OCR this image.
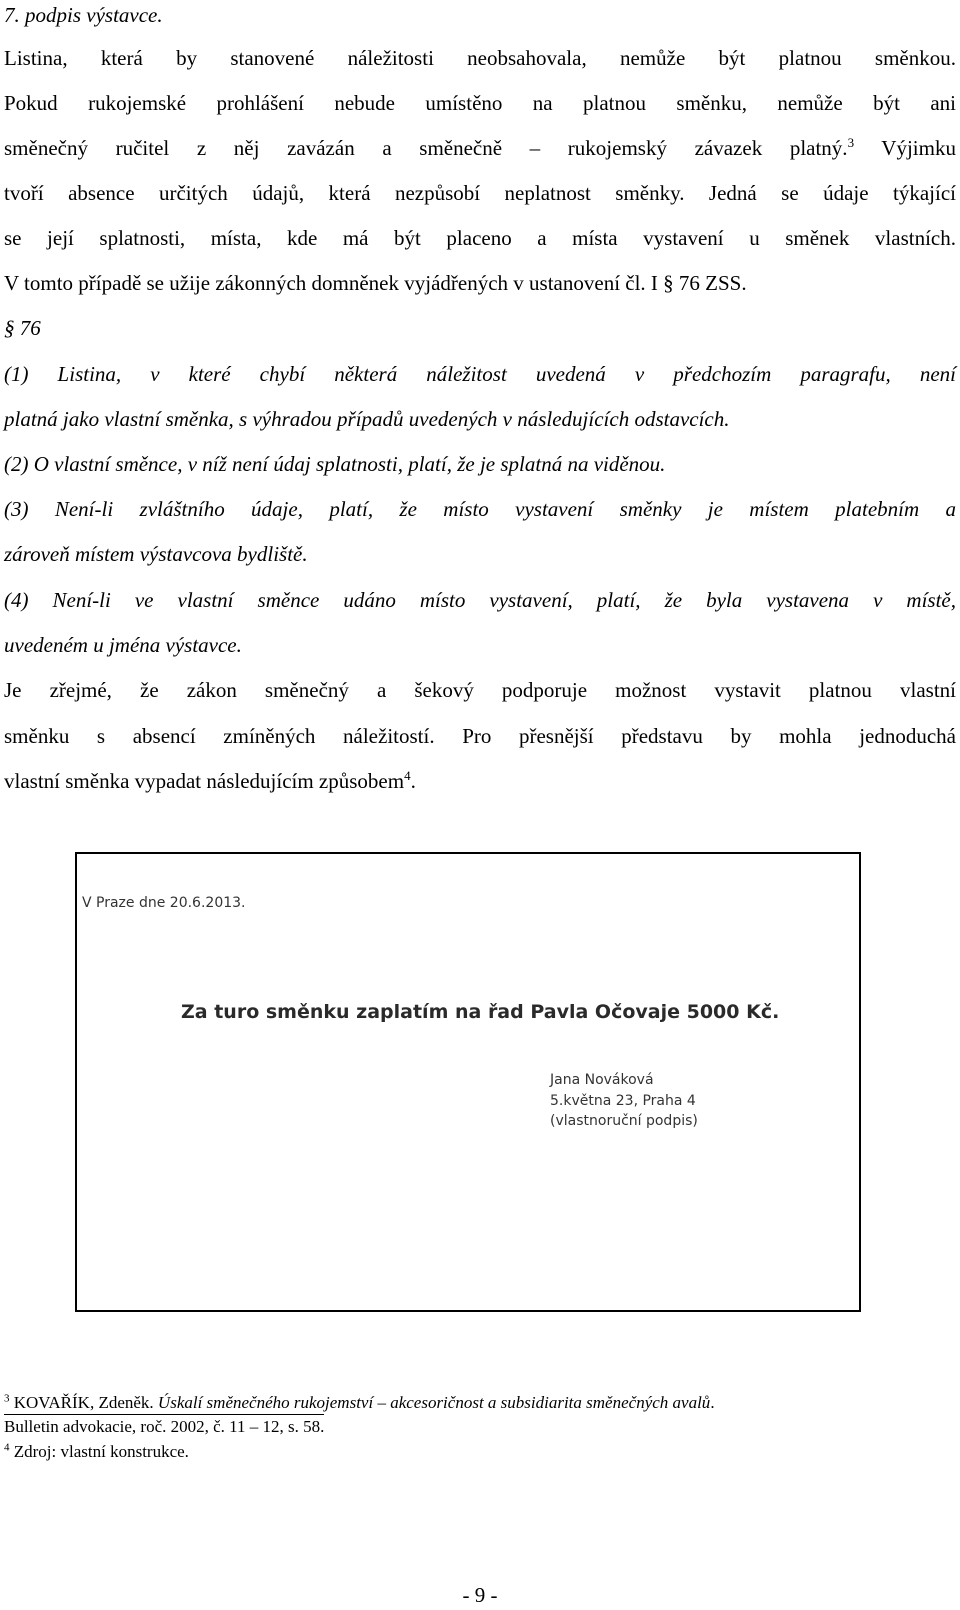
7. podpis výstavce.
Listina, která by stanovené náležitosti neobsahovala, nemůže být platnou směnkou.
Pokud rukojemské prohlášení nebude umístěno na platnou směnku, nemůže být ani
směnečný ručitel z něj zavázán a směnečně – rukojemský závazek platný.$^3$ Výjimku
tvoří absence určitých údajů, která nezpůsobí neplatnost směnky. Jedná se údaje týkající
se její splatnosti, místa, kde má být placeno a místa vystavení u směnek vlastních.
V tomto případě se užije zákonných domněnek vyjádřených v ustanovení čl. I § 76 ZSS.
§ 76
(1) Listina, v které chybí některá náležitost uvedená v předchozím paragrafu, není
platná jako vlastní směnka, s výhradou případů uvedených v následujících odstavcích.
(2) O vlastní směnce, v níž není údaj splatnosti, platí, že je splatná na viděnou.
(3) Není-li zvláštního údaje, platí, že místo vystavení směnky je místem platebním a
zároveň místem výstavcova bydliště.
(4) Není-li ve vlastní směnce udáno místo vystavení, platí, že byla vystavena v místě,
uvedeném u jména výstavce.
Je zřejmé, že zákon směnečný a šekový podporuje možnost vystavit platnou vlastní
směnku s absencí zmíněných náležitostí. Pro přesnější představu by mohla jednoduchá
vlastní směnka vypadat následujícím způsobem$^4$.
V Praze dne 20.6.2013.
Za turo směnku zaplatím na řad Pavla Očovaje 5000 Kč.
Jana Nováková
5.května 23, Praha 4
(vlastnoruční podpis)
$^3$ KOVAŘÍK, Zdeněk. Úskalí směnečného rukojemství – akcesoričnost a subsidiarita směnečných avalů.
Bulletin advokacie, roč. 2002, č. 11 – 12, s. 58.
$^4$ Zdroj: vlastní konstrukce.
- 9 -
